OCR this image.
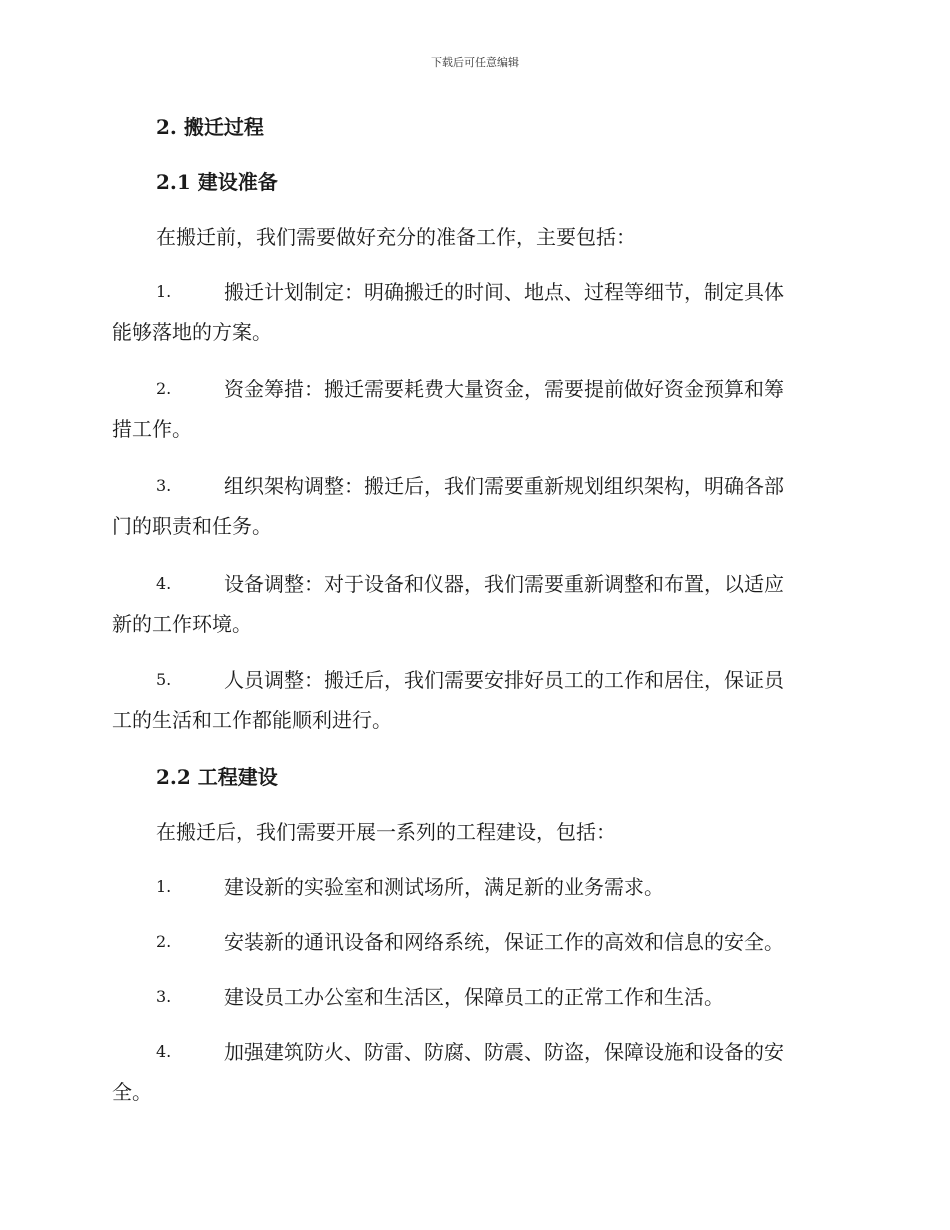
下载后可任意编辑
2. 搬迁过程
2.1 建设准备
在搬迁前，我们需要做好充分的准备工作，主要包括：
1.	搬迁计划制定：明确搬迁的时间、地点、过程等细节，制定具体
能够落地的方案。
2.	资金筹措：搬迁需要耗费大量资金，需要提前做好资金预算和筹
措工作。
3.	组织架构调整：搬迁后，我们需要重新规划组织架构，明确各部
门的职责和任务。
4.	设备调整：对于设备和仪器，我们需要重新调整和布置，以适应
新的工作环境。
5.	人员调整：搬迁后，我们需要安排好员工的工作和居住，保证员
工的生活和工作都能顺利进行。
2.2 工程建设
在搬迁后，我们需要开展一系列的工程建设，包括：
1.	建设新的实验室和测试场所，满足新的业务需求。
2.	安装新的通讯设备和网络系统，保证工作的高效和信息的安全。
3.	建设员工办公室和生活区，保障员工的正常工作和生活。
4.	加强建筑防火、防雷、防腐、防震、防盗，保障设施和设备的安
全。
